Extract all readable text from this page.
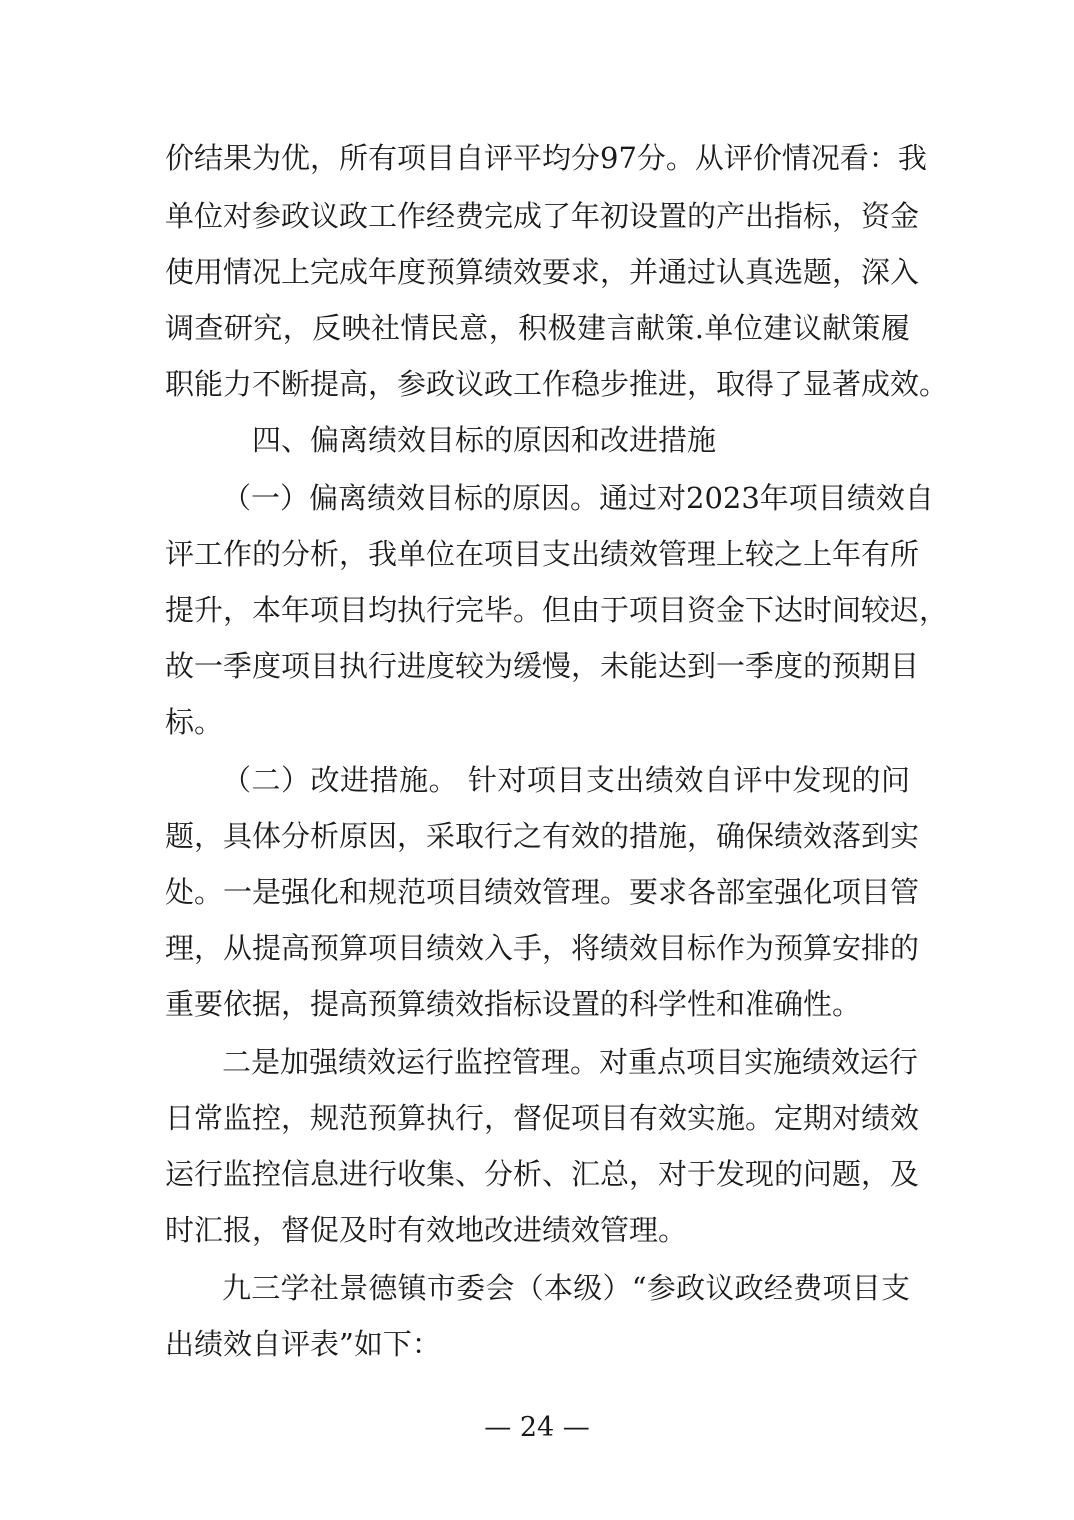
价结果为优，所有项目自评平均分97分。从评价情况看：我
单位对参政议政工作经费完成了年初设置的产出指标，资金
使用情况上完成年度预算绩效要求，并通过认真选题，深入
调查研究，反映社情民意，积极建言献策.单位建议献策履
职能力不断提高，参政议政工作稳步推进，取得了显著成效。
四、偏离绩效目标的原因和改进措施
（一）偏离绩效目标的原因。通过对2023年项目绩效自
评工作的分析，我单位在项目支出绩效管理上较之上年有所
提升，本年项目均执行完毕。但由于项目资金下达时间较迟，
故一季度项目执行进度较为缓慢，未能达到一季度的预期目
标。
（二）改进措施。 针对项目支出绩效自评中发现的问
题，具体分析原因，采取行之有效的措施，确保绩效落到实
处。一是强化和规范项目绩效管理。要求各部室强化项目管
理，从提高预算项目绩效入手，将绩效目标作为预算安排的
重要依据，提高预算绩效指标设置的科学性和准确性。
二是加强绩效运行监控管理。对重点项目实施绩效运行
日常监控，规范预算执行，督促项目有效实施。定期对绩效
运行监控信息进行收集、分析、汇总，对于发现的问题，及
时汇报，督促及时有效地改进绩效管理。
九三学社景德镇市委会（本级）“参政议政经费项目支
出绩效自评表”如下：
— 24 —
